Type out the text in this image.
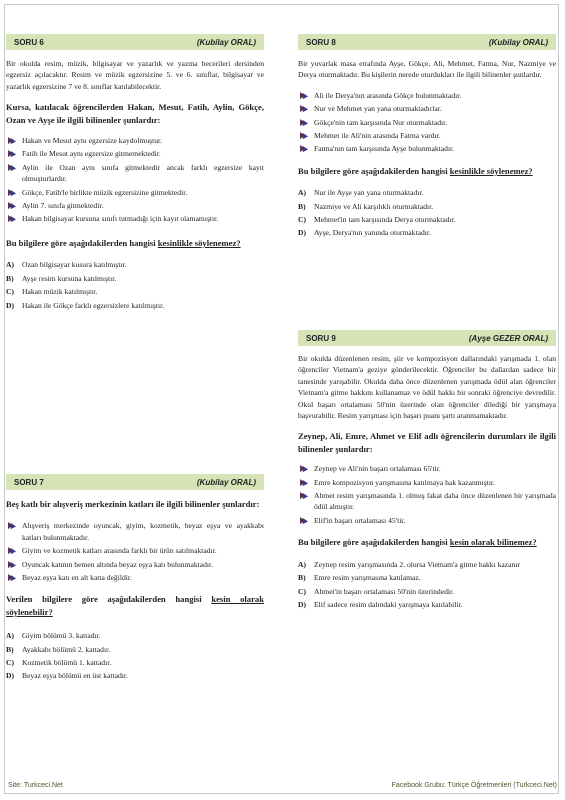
SORU 6	(Kubilay ORAL)
Bir okulda resim, müzik, bilgisayar ve yazarlık ve yazma becerileri dersinden egzersiz açılacaktır. Resim ve müzik egzersizine 5. ve 6. sınıflar, bilgisayar ve yazarlık egzersizine 7 ve 8. sınıflar katılabilecektir.
Kursa, katılacak öğrencilerden Hakan, Mesut, Fatih, Aylin, Gökçe, Ozan ve Ayşe ile ilgili bilinenler şunlardır:
Hakan ve Mesut aynı egzersize kaydolmuştur.
Fatih ile Mesut aynı egzersize gitmemektedir.
Aylin ile Ozan aynı sınıfa gitmektedir ancak farklı egzersize kayıt olmuşturlardır.
Gökçe, Fatih'le birlikte müzik egzersizine gitmektedir.
Aylin 7. sınıfa gitmektedir.
Hakan bilgisayar kursuna sınıfı tutmadığı için kayıt olamamıştır.
Bu bilgilere göre aşağıdakilerden hangisi kesinlikle söylenemez?
A)	Ozan bilgisayar kusura katılmıştır.
B)	Ayşe resim kursuna katılmıştır.
C)	Hakan müzik katılmıştır.
D)	Hakan ile Gökçe farklı egzersizlere katılmıştır.
SORU 7	(Kubilay ORAL)
Beş katlı bir alışveriş merkezinin katları ile ilgili bilinenler şunlardır:
Alışveriş merkezinde oyuncak, giyim, kozmetik, beyaz eşya ve ayakkabı katları bulunmaktadır.
Giyim ve kozmetik katları arasında farklı bir ürün satılmaktadır.
Oyuncak katının hemen altında beyaz eşya katı bulunmaktadır.
Beyaz eşya katı en alt katta değildir.
Verilen bilgilere göre aşağıdakilerden hangisi kesin olarak söylenebilir?
A)	Giyim bölümü 3. kattadır.
B)	Ayakkabı bölümü 2. kattadır.
C)	Kozmetik bölümü 1. kattadır.
D)	Beyaz eşya bölümü en üst kattadır.
SORU 8	(Kubilay ORAL)
Bir yuvarlak masa etrafında Ayşe, Gökçe, Ali, Mehmet, Fatma, Nur, Nazmiye ve Derya oturmaktadır. Bu kişilerin nerede oturdukları ile ilgili bilinenler şunlardır.
Ali ile Derya'nın arasında Gökçe bulunmaktadır.
Nur ve Mehmet yan yana oturmaktadırlar.
Gökçe'nin tam karşısında Nur oturmaktadır.
Mehmet ile Ali'nin arasında Fatma vardır.
Fatma'nın tam karşısında Ayşe bulunmaktadır.
Bu bilgilere göre aşağıdakilerden hangisi kesinlikle söylenemez?
A)	Nur ile Ayşe yan yana oturmaktadır.
B)	Nazmiye ve Ali karşılıklı oturmaktadır.
C)	Mehmet'in tam karşısında Derya oturmaktadır.
D)	Ayşe, Derya'nın yanında oturmaktadır.
SORU 9	(Ayşe GEZER ORAL)
Bir okulda düzenlenen resim, şiir ve kompozisyon dallarındaki yarışmada 1. olan öğrenciler Vietnam'a geziye gönderilecektir. Öğrenciler bu dallardan sadece bir tanesinde yarışabilir. Okulda daha önce düzenlenen yarışmada ödül alan öğrenciler Vietnam'a gitme hakkını kullanamaz ve ödül hakkı bir sonraki öğrenciye devredilir. Okul başarı ortalaması 50'nin üzerinde olan öğrenciler dilediği bir yarışmaya başvurabilir. Resim yarışması için başarı puanı şartı aranmamaktadır.
Zeynep, Ali, Emre, Ahmet ve Elif adlı öğrencilerin durumları ile ilgili bilinenler şunlardır:
Zeynep ve Ali'nin başarı ortalaması 65'tir.
Emre kompozisyon yarışmasına katılmaya hak kazanmıştır.
Ahmet resim yarışmasında 1. olmuş fakat daha önce düzenlenen bir yarışmada ödül almıştır.
Elif'in başarı ortalaması 45'tir.
Bu bilgilere göre aşağıdakilerden hangisi kesin olarak bilinemez?
A)	Zeynep resim yarışmasında 2. olursa Vietnam'a gitme hakkı kazanır
B)	Emre resim yarışmasına katılamaz.
C)	Ahmet'in başarı ortalaması 50'nin üzerindedir.
D)	Elif sadece resim dalındaki yarışmaya katılabilir.
Site: Turkceci.Net	Facebook Grubu: Türkçe Öğretmenleri (Turkceci.Net)
